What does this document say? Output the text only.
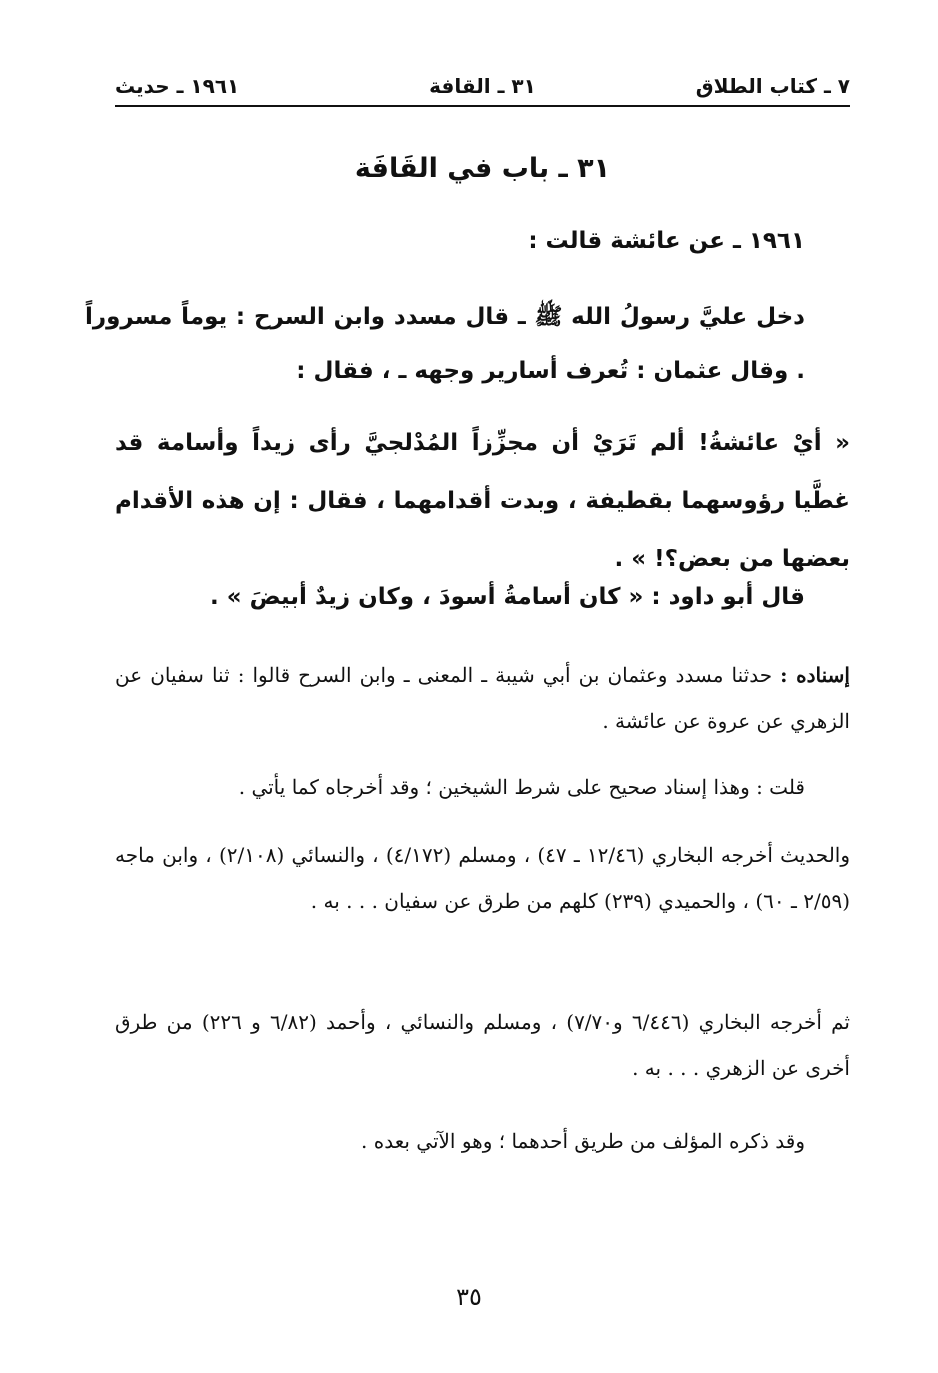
٧ ـ كتاب الطلاق
٣١ ـ القافة
١٩٦١ ـ حديث
٣١ ـ باب في القَافَة
١٩٦١ ـ عن عائشة قالت :
دخل عليَّ رسولُ الله ﷺ ـ قال مسدد وابن السرح : يوماً مسروراً . وقال عثمان : تُعرف أسارير وجهه ـ ، فقال :
« أيْ عائشةُ! ألم تَرَيْ أن مجزِّزاً المُدْلجيَّ رأى زيداً وأسامة قد غطَّيا رؤوسهما بقطيفة ، وبدت أقدامهما ، فقال : إن هذه الأقدام بعضها من بعض؟! » .
قال أبو داود : « كان أسامةُ أسودَ ، وكان زيدٌ أبيضَ » .
إسناده : حدثنا مسدد وعثمان بن أبي شيبة ـ المعنى ـ وابن السرح قالوا : ثنا سفيان عن الزهري عن عروة عن عائشة .
قلت : وهذا إسناد صحيح على شرط الشيخين ؛ وقد أخرجاه كما يأتي .
والحديث أخرجه البخاري (١٢/٤٦ ـ ٤٧) ، ومسلم (٤/١٧٢) ، والنسائي (٢/١٠٨) ، وابن ماجه (٢/٥٩ ـ ٦٠) ، والحميدي (٢٣٩) كلهم من طرق عن سفيان . . . به .
ثم أخرجه البخاري (٦/٤٤٦ و٧/٧٠) ، ومسلم والنسائي ، وأحمد (٦/٨٢ و ٢٢٦) من طرق أخرى عن الزهري . . . به .
وقد ذكره المؤلف من طريق أحدهما ؛ وهو الآتي بعده .
٣٥
